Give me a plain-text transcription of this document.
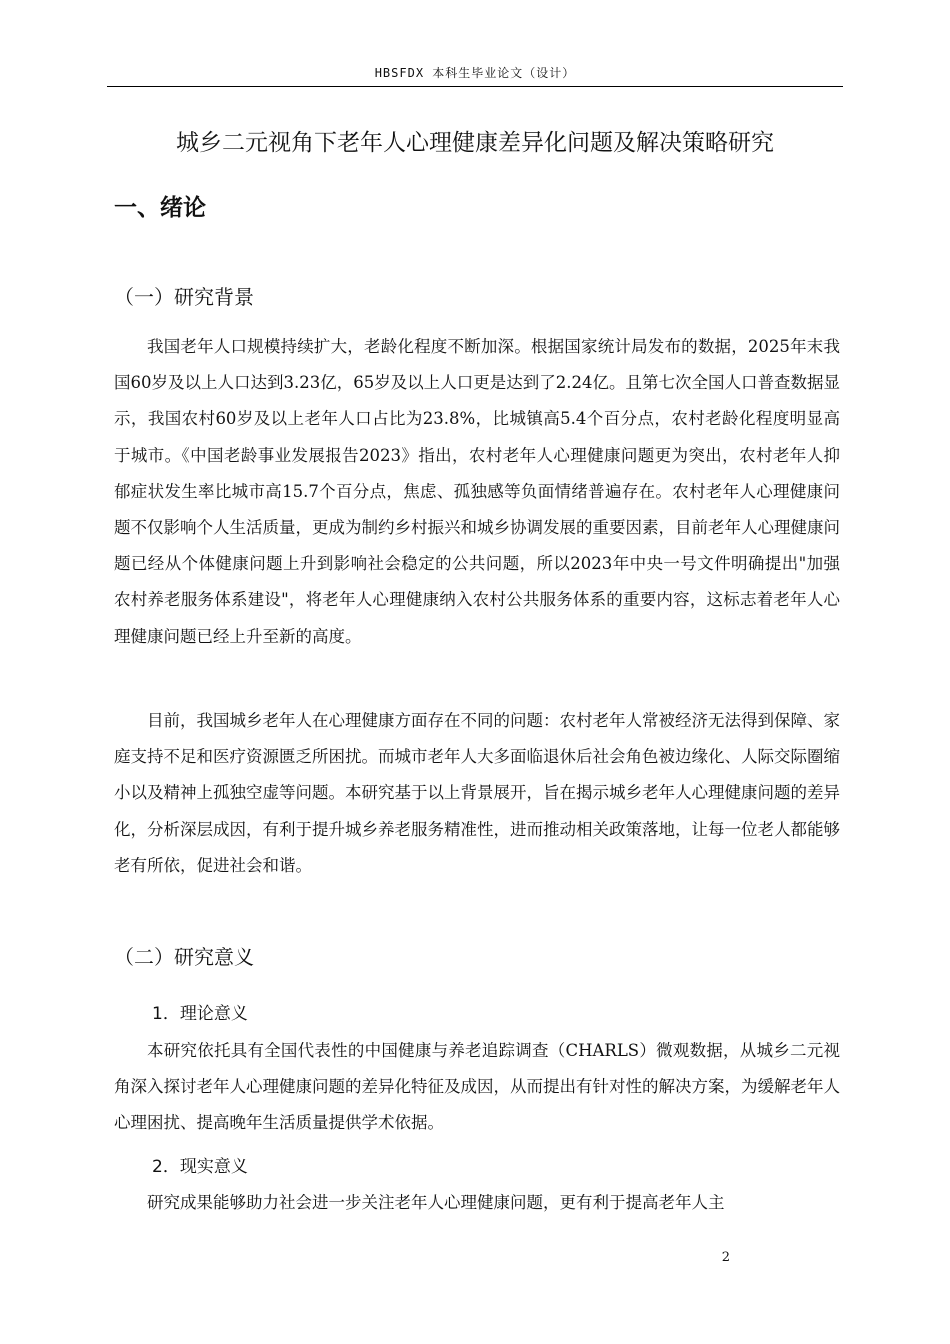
HBSFDX 本科生毕业论文（设计）
城乡二元视角下老年人心理健康差异化问题及解决策略研究
一、绪论
（一）研究背景

我国老年人口规模持续扩大，老龄化程度不断加深。根据国家统计局发布的数据，2025年末我国60岁及以上人口达到3.23亿，65岁及以上人口更是达到了2.24亿。且第七次全国人口普查数据显示，我国农村60岁及以上老年人口占比为23.8%，比城镇高5.4个百分点，农村老龄化程度明显高于城市。《中国老龄事业发展报告2023》指出，农村老年人心理健康问题更为突出，农村老年人抑郁症状发生率比城市高15.7个百分点，焦虑、孤独感等负面情绪普遍存在。农村老年人心理健康问题不仅影响个人生活质量，更成为制约乡村振兴和城乡协调发展的重要因素，目前老年人心理健康问题已经从个体健康问题上升到影响社会稳定的公共问题，所以2023年中央一号文件明确提出"加强农村养老服务体系建设"，将老年人心理健康纳入农村公共服务体系的重要内容，这标志着老年人心理健康问题已经上升至新的高度。

目前，我国城乡老年人在心理健康方面存在不同的问题：农村老年人常被经济无法得到保障、家庭支持不足和医疗资源匮乏所困扰。而城市老年人大多面临退休后社会角色被边缘化、人际交际圈缩小以及精神上孤独空虚等问题。本研究基于以上背景展开，旨在揭示城乡老年人心理健康问题的差异化，分析深层成因，有利于提升城乡养老服务精准性，进而推动相关政策落地，让每一位老人都能够老有所依，促进社会和谐。

（二）研究意义
1．理论意义

本研究依托具有全国代表性的中国健康与养老追踪调查（CHARLS）微观数据，从城乡二元视角深入探讨老年人心理健康问题的差异化特征及成因，从而提出有针对性的解决方案，为缓解老年人心理困扰、提高晚年生活质量提供学术依据。

2．现实意义

研究成果能够助力社会进一步关注老年人心理健康问题，更有利于提高老年人主

2
